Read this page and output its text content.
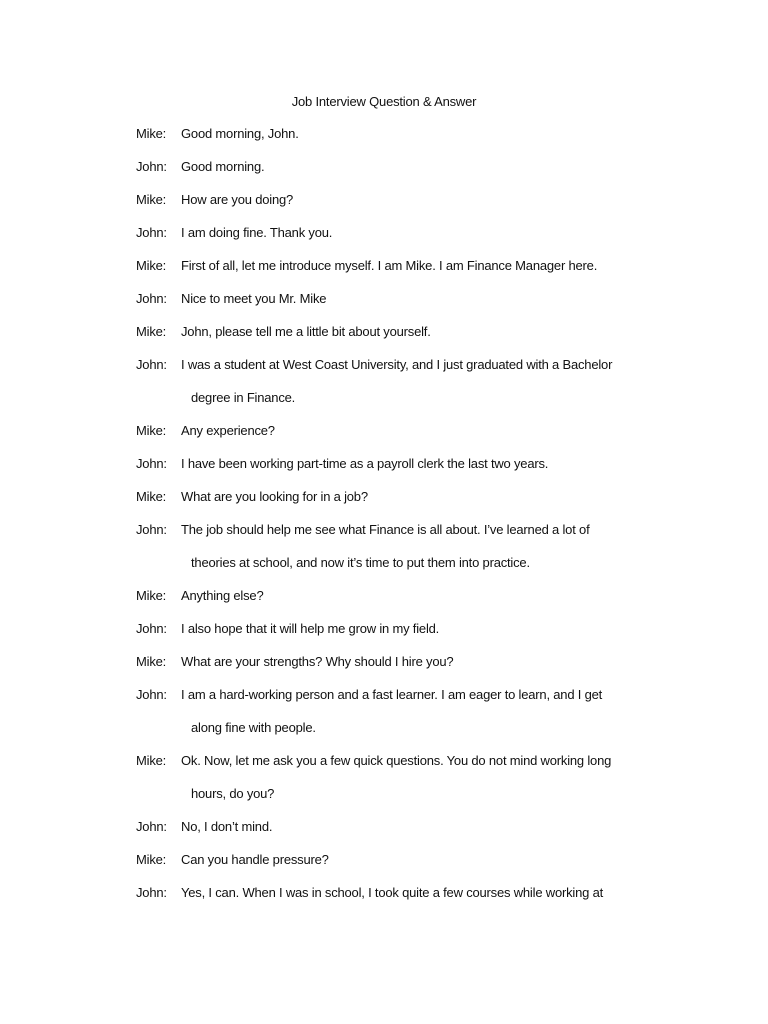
Job Interview Question & Answer
Mike:	Good morning, John.
John:	Good morning.
Mike:	How are you doing?
John:	I am doing fine. Thank you.
Mike:	First of all, let me introduce myself. I am Mike. I am Finance Manager here.
John:	Nice to meet you Mr. Mike
Mike:	John, please tell me a little bit about yourself.
John:	I was a student at West Coast University, and I just graduated with a Bachelor
degree in Finance.
Mike:	Any experience?
John:	I have been working part-time as a payroll clerk the last two years.
Mike:	What are you looking for in a job?
John:	The job should help me see what Finance is all about. I’ve learned a lot of
theories at school, and now it’s time to put them into practice.
Mike:	Anything else?
John:	I also hope that it will help me grow in my field.
Mike:	What are your strengths? Why should I hire you?
John:	I am a hard-working person and a fast learner. I am eager to learn, and I get
along fine with people.
Mike:	Ok. Now, let me ask you a few quick questions. You do not mind working long
hours, do you?
John:	No, I don’t mind.
Mike:	Can you handle pressure?
John:	Yes, I can. When I was in school, I took quite a few courses while working at
